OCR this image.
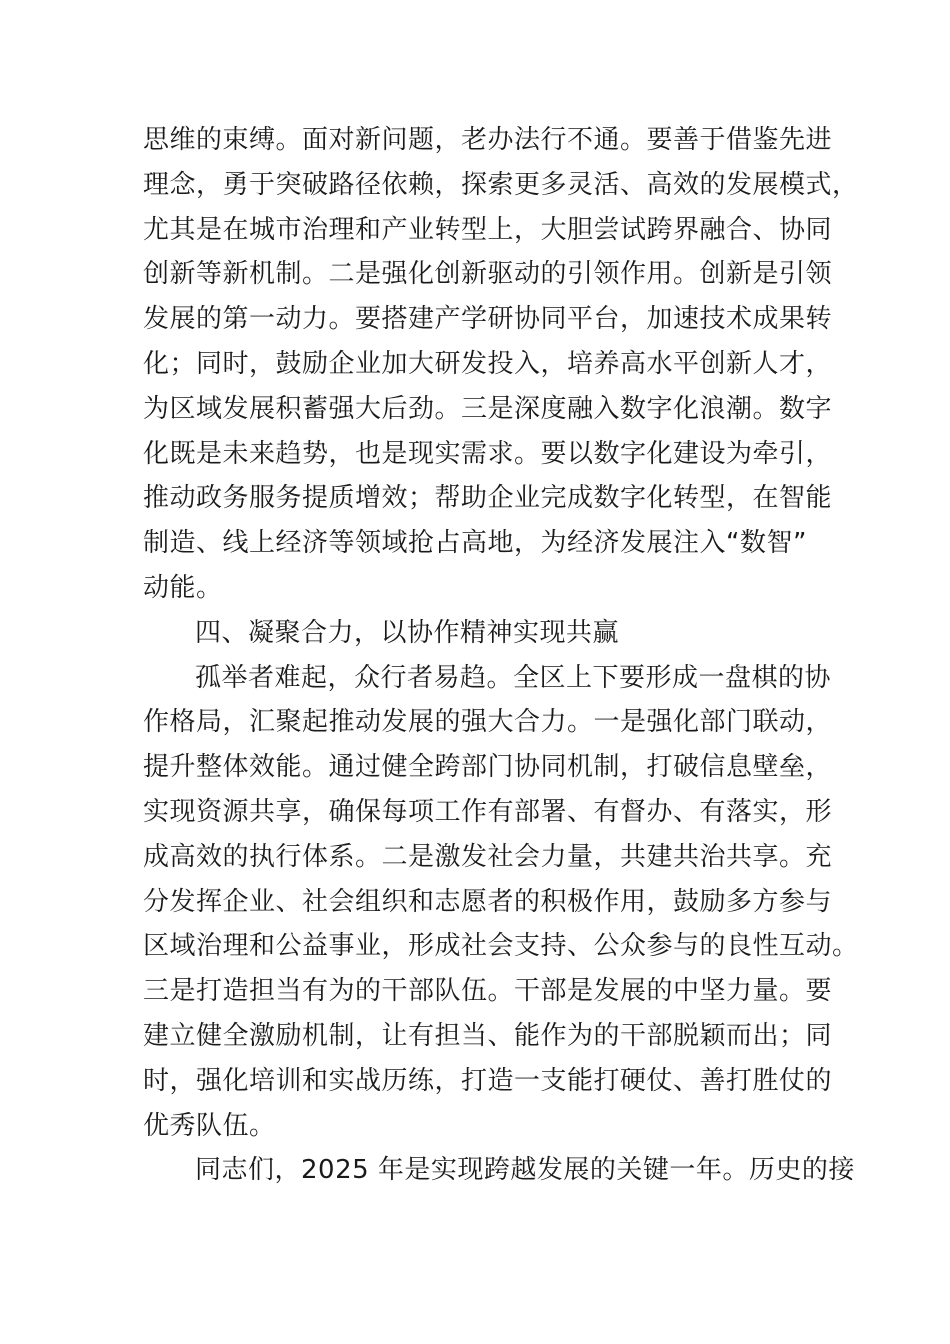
思维的束缚。面对新问题，老办法行不通。要善于借鉴先进
理念，勇于突破路径依赖，探索更多灵活、高效的发展模式，
尤其是在城市治理和产业转型上，大胆尝试跨界融合、协同
创新等新机制。二是强化创新驱动的引领作用。创新是引领
发展的第一动力。要搭建产学研协同平台，加速技术成果转
化；同时，鼓励企业加大研发投入，培养高水平创新人才，
为区域发展积蓄强大后劲。三是深度融入数字化浪潮。数字
化既是未来趋势，也是现实需求。要以数字化建设为牵引，
推动政务服务提质增效；帮助企业完成数字化转型，在智能
制造、线上经济等领域抢占高地，为经济发展注入“数智”
动能。
四、凝聚合力，以协作精神实现共赢
孤举者难起，众行者易趋。全区上下要形成一盘棋的协
作格局，汇聚起推动发展的强大合力。一是强化部门联动，
提升整体效能。通过健全跨部门协同机制，打破信息壁垒，
实现资源共享，确保每项工作有部署、有督办、有落实，形
成高效的执行体系。二是激发社会力量，共建共治共享。充
分发挥企业、社会组织和志愿者的积极作用，鼓励多方参与
区域治理和公益事业，形成社会支持、公众参与的良性互动。
三是打造担当有为的干部队伍。干部是发展的中坚力量。要
建立健全激励机制，让有担当、能作为的干部脱颖而出；同
时，强化培训和实战历练，打造一支能打硬仗、善打胜仗的
优秀队伍。
同志们，2025 年是实现跨越发展的关键一年。历史的接
